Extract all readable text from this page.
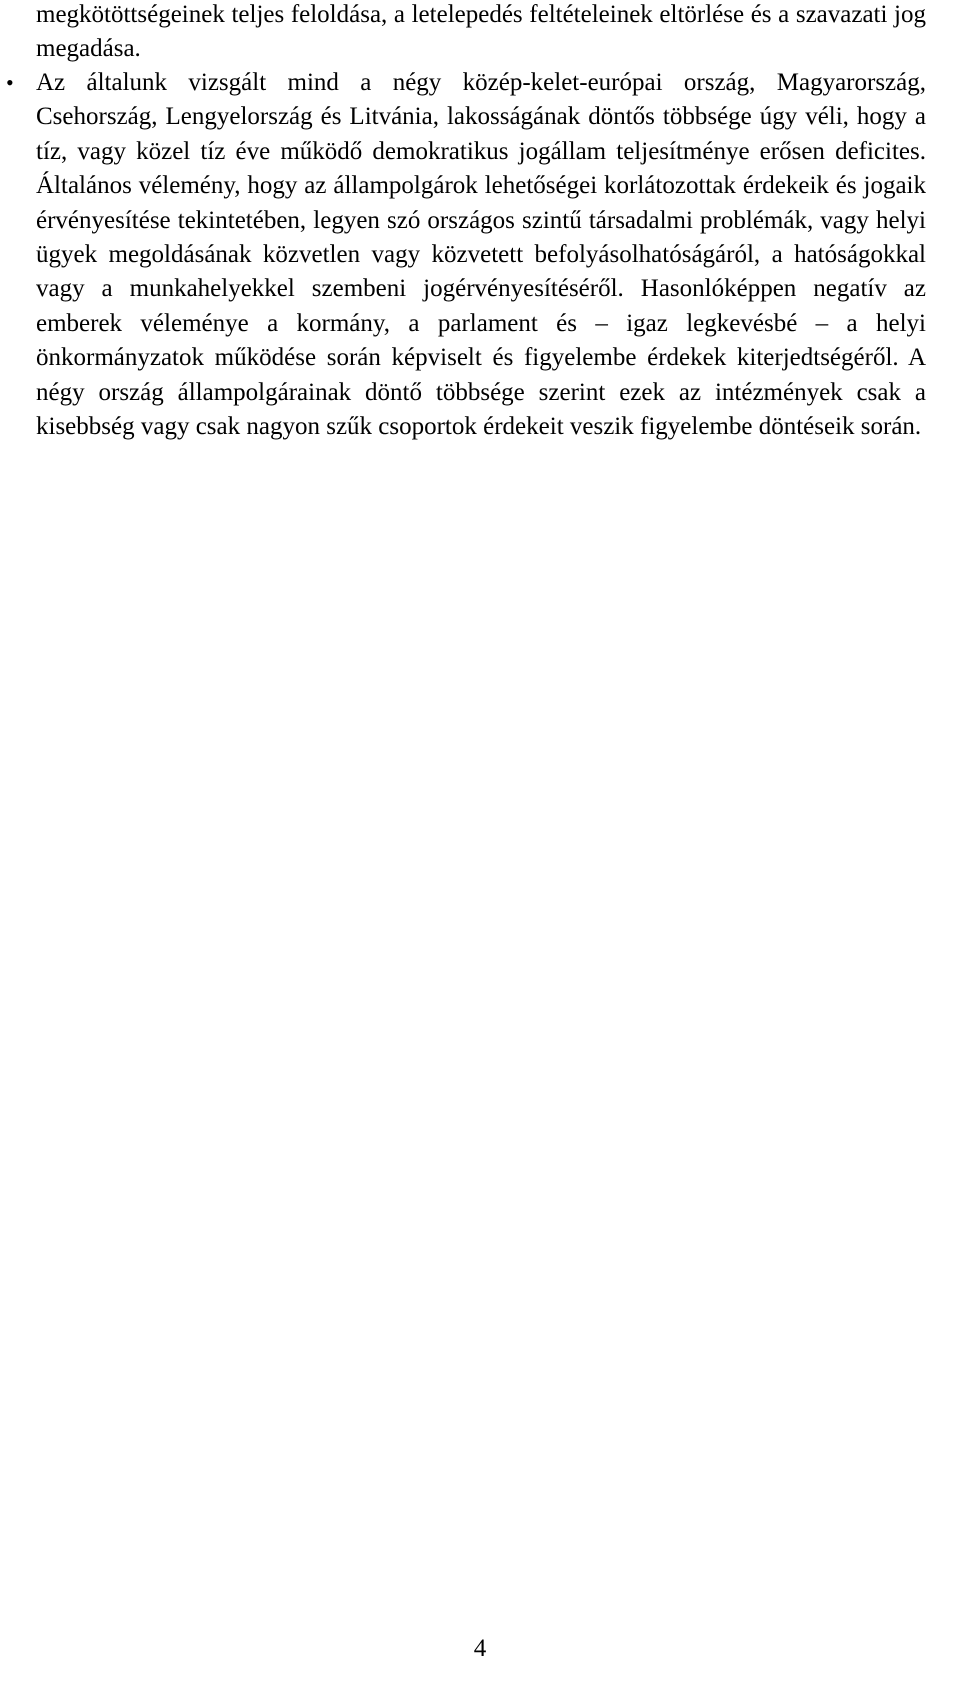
megkötöttségeinek teljes feloldása, a letelepedés feltételeinek eltörlése és a szavazati jog megadása.

• Az általunk vizsgált mind a négy közép-kelet-európai ország, Magyarország, Csehország, Lengyelország és Litvánia, lakosságának döntős többsége úgy véli, hogy a tíz, vagy közel tíz éve működő demokratikus jogállam teljesítménye erősen deficites. Általános vélemény, hogy az állampolgárok lehetőségei korlátozottak érdekeik és jogaik érvényesítése tekintetében, legyen szó országos szintű társadalmi problémák, vagy helyi ügyek megoldásának közvetlen vagy közvetett befolyásolhatóságáról, a hatóságokkal vagy a munkahelyekkel szembeni jogérvényesítéséről. Hasonlóképpen negatív az emberek véleménye a kormány, a parlament és – igaz legkevésbé – a helyi önkormányzatok működése során képviselt és figyelembe érdekek kiterjedtségéről. A négy ország állampolgárainak döntő többsége szerint ezek az intézmények csak a kisebbség vagy csak nagyon szűk csoportok érdekeit veszik figyelembe döntéseik során.
4
